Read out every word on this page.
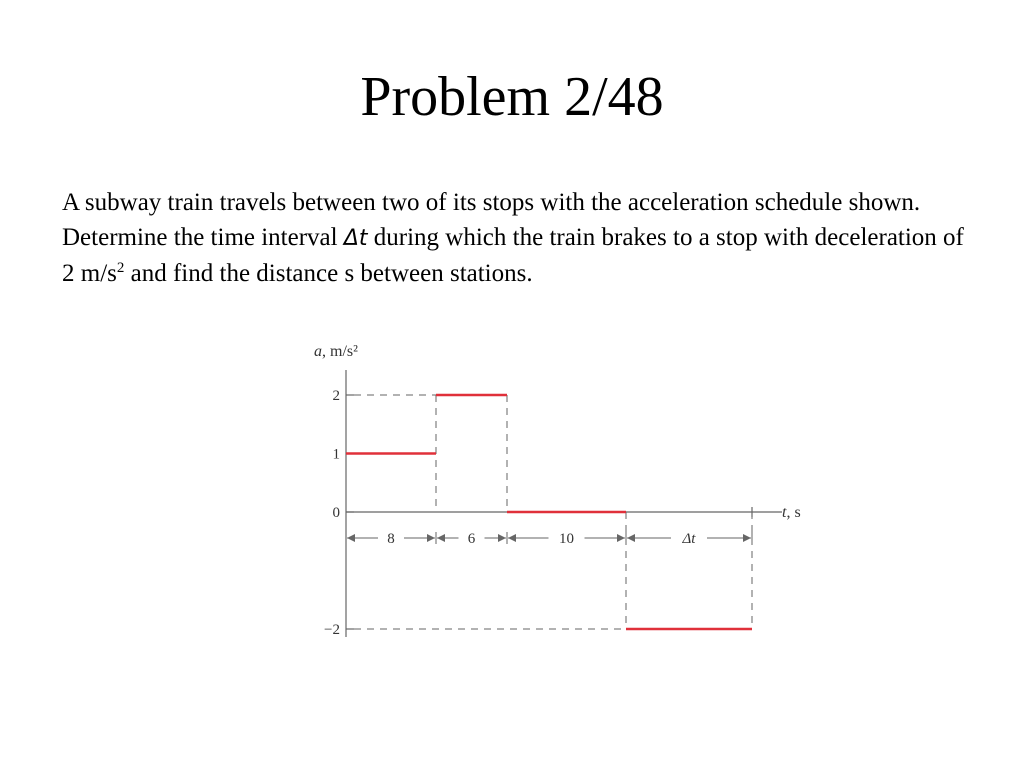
Problem 2/48

A subway train travels between two of its stops with the acceleration schedule shown. Determine the time interval Δt during which the train brakes to a stop with deceleration of 2 $m/s^2$ and find the distance s between stations.

a, m/s²
t, s
2
1
0
−2
8	6	10	Δt
